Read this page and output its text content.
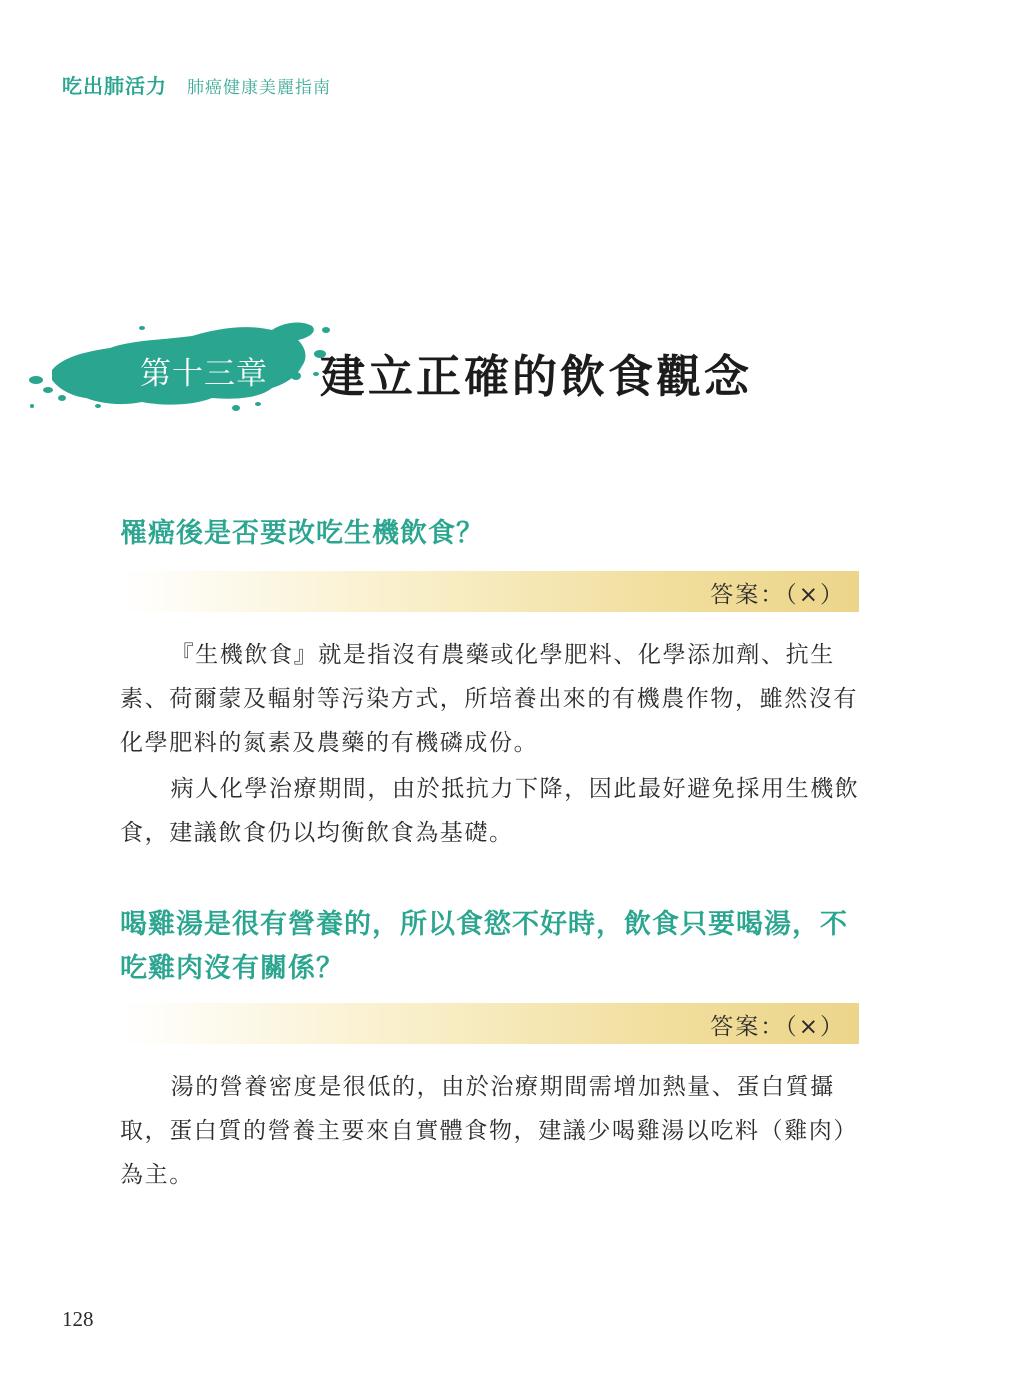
吃出肺活力 肺癌健康美麗指南
第十三章 建立正確的飲食觀念
罹癌後是否要改吃生機飲食？
答案：（×）

『生機飲食』就是指沒有農藥或化學肥料、化學添加劑、抗生素、荷爾蒙及輻射等污染方式，所培養出來的有機農作物，雖然沒有化學肥料的氮素及農藥的有機磷成份。

病人化學治療期間，由於抵抗力下降，因此最好避免採用生機飲食，建議飲食仍以均衡飲食為基礎。

喝雞湯是很有營養的，所以食慾不好時，飲食只要喝湯，不吃雞肉沒有關係？
答案：（×）

湯的營養密度是很低的，由於治療期間需增加熱量、蛋白質攝取，蛋白質的營養主要來自實體食物，建議少喝雞湯以吃料（雞肉）為主。

128
